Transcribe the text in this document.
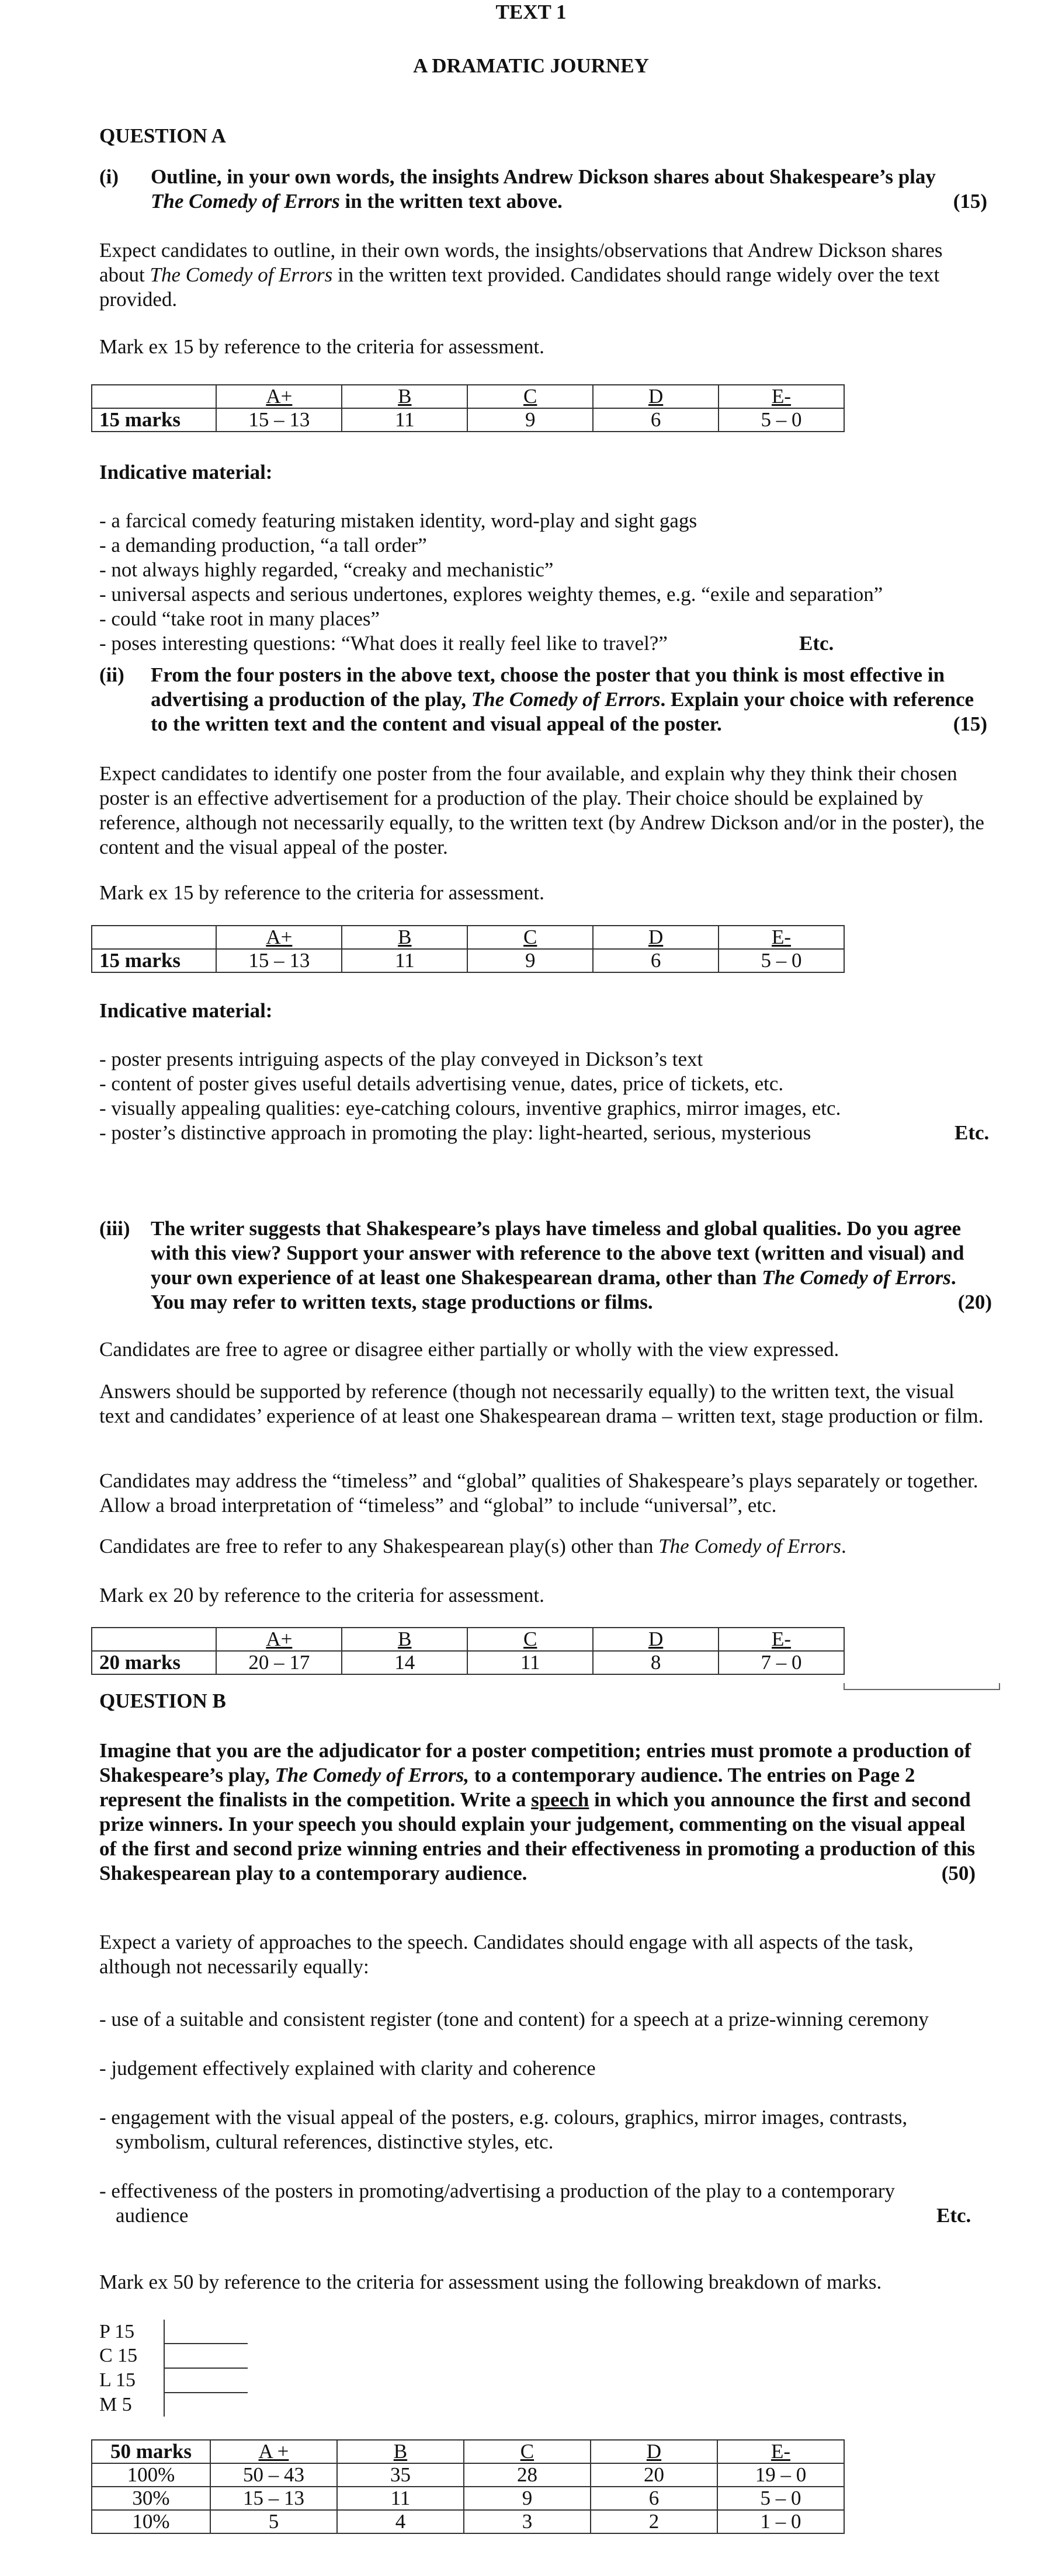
TEXT 1
A DRAMATIC JOURNEY
QUESTION A
(i) Outline, in your own words, the insights Andrew Dickson shares about Shakespeare’s play
The Comedy of Errors in the written text above.	(15)
Expect candidates to outline, in their own words, the insights/observations that Andrew Dickson shares about The Comedy of Errors in the written text provided. Candidates should range widely over the text provided.
Mark ex 15 by reference to the criteria for assessment.
	A+	B	C	D	E-
15 marks	15 – 13	11	9	6	5 – 0
Indicative material:
- a farcical comedy featuring mistaken identity, word-play and sight gags
- a demanding production, “a tall order”
- not always highly regarded, “creaky and mechanistic”
- universal aspects and serious undertones, explores weighty themes, e.g. “exile and separation”
- could “take root in many places”
- poses interesting questions: “What does it really feel like to travel?”	Etc.
(ii) From the four posters in the above text, choose the poster that you think is most effective in advertising a production of the play, The Comedy of Errors. Explain your choice with reference to the written text and the content and visual appeal of the poster.	(15)
Expect candidates to identify one poster from the four available, and explain why they think their chosen poster is an effective advertisement for a production of the play. Their choice should be explained by reference, although not necessarily equally, to the written text (by Andrew Dickson and/or in the poster), the content and the visual appeal of the poster.
Mark ex 15 by reference to the criteria for assessment.
	A+	B	C	D	E-
15 marks	15 – 13	11	9	6	5 – 0
Indicative material:
- poster presents intriguing aspects of the play conveyed in Dickson’s text
- content of poster gives useful details advertising venue, dates, price of tickets, etc.
- visually appealing qualities: eye-catching colours, inventive graphics, mirror images, etc.
- poster’s distinctive approach in promoting the play: light-hearted, serious, mysterious	Etc.
(iii) The writer suggests that Shakespeare’s plays have timeless and global qualities. Do you agree with this view? Support your answer with reference to the above text (written and visual) and your own experience of at least one Shakespearean drama, other than The Comedy of Errors. You may refer to written texts, stage productions or films.	(20)
Candidates are free to agree or disagree either partially or wholly with the view expressed.
Answers should be supported by reference (though not necessarily equally) to the written text, the visual text and candidates’ experience of at least one Shakespearean drama – written text, stage production or film.
Candidates may address the “timeless” and “global” qualities of Shakespeare’s plays separately or together. Allow a broad interpretation of “timeless” and “global” to include “universal”, etc.
Candidates are free to refer to any Shakespearean play(s) other than The Comedy of Errors.
Mark ex 20 by reference to the criteria for assessment.
	A+	B	C	D	E-
20 marks	20 – 17	14	11	8	7 – 0
QUESTION B
Imagine that you are the adjudicator for a poster competition; entries must promote a production of Shakespeare’s play, The Comedy of Errors, to a contemporary audience. The entries on Page 2 represent the finalists in the competition. Write a speech in which you announce the first and second prize winners. In your speech you should explain your judgement, commenting on the visual appeal of the first and second prize winning entries and their effectiveness in promoting a production of this Shakespearean play to a contemporary audience.	(50)
Expect a variety of approaches to the speech. Candidates should engage with all aspects of the task, although not necessarily equally:
- use of a suitable and consistent register (tone and content) for a speech at a prize-winning ceremony
- judgement effectively explained with clarity and coherence
- engagement with the visual appeal of the posters, e.g. colours, graphics, mirror images, contrasts, symbolism, cultural references, distinctive styles, etc.
- effectiveness of the posters in promoting/advertising a production of the play to a contemporary audience	Etc.
Mark ex 50 by reference to the criteria for assessment using the following breakdown of marks.
P 15	
C 15	
L 15	
M 5	
50 marks	A +	B	C	D	E-
100%	50 – 43	35	28	20	19 – 0
30%	15 – 13	11	9	6	5 – 0
10%	5	4	3	2	1 – 0
